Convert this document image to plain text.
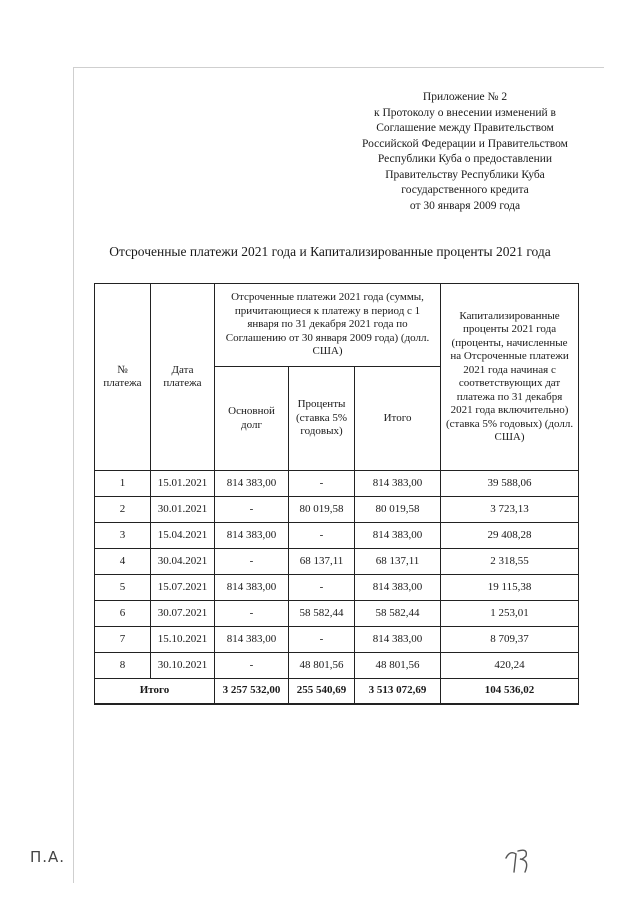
Приложение № 2
к Протоколу о внесении изменений в
Соглашение между Правительством
Российской Федерации и Правительством
Республики Куба о предоставлении
Правительству Республики Куба
государственного кредита
от 30 января 2009 года
Отсроченные платежи 2021 года и Капитализированные проценты 2021 года
№ платежа	Дата платежа	Отсроченные платежи 2021 года (суммы, причитающиеся к платежу в период с 1 января по 31 декабря 2021 года по Соглашению от 30 января 2009 года) (долл. США)			Капитализированные проценты 2021 года (проценты, начисленные на Отсроченные платежи 2021 года начиная с соответствующих дат платежа по 31 декабря 2021 года включительно) (ставка 5% годовых) (долл. США)
		Основной долг	Проценты (ставка 5% годовых)	Итого	
1	15.01.2021	814 383,00	-	814 383,00	39 588,06
2	30.01.2021	-	80 019,58	80 019,58	3 723,13
3	15.04.2021	814 383,00	-	814 383,00	29 408,28
4	30.04.2021	-	68 137,11	68 137,11	2 318,55
5	15.07.2021	814 383,00	-	814 383,00	19 115,38
6	30.07.2021	-	58 582,44	58 582,44	1 253,01
7	15.10.2021	814 383,00	-	814 383,00	8 709,37
8	30.10.2021	-	48 801,56	48 801,56	420,24
Итого		3 257 532,00	255 540,69	3 513 072,69	104 536,02
П.А.
